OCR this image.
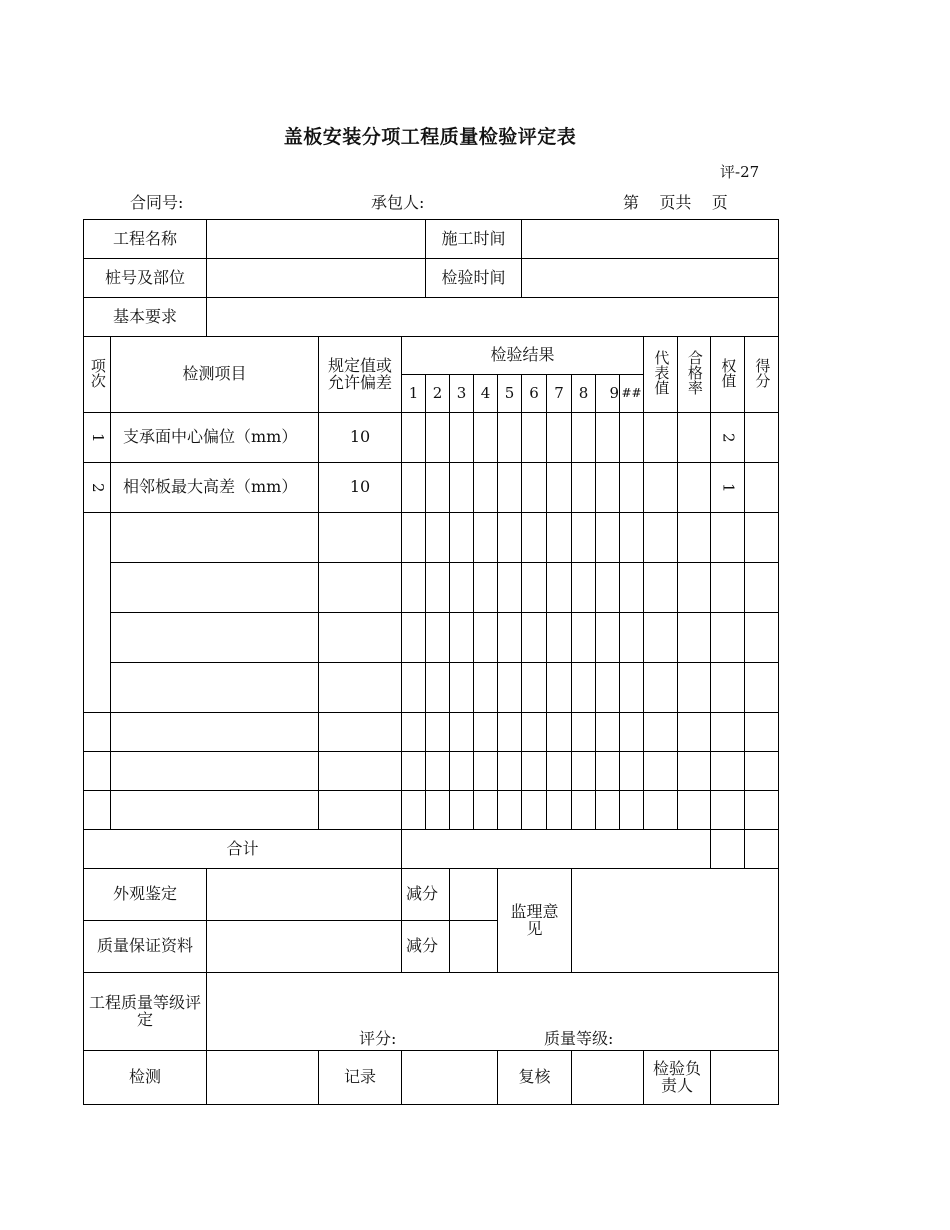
盖板安装分项工程质量检验评定表
评-27
合同号:	承包人:	第    页共    页
工程名称					施工时间												
桩号及部位					检验时间												
基本要求																	
项次	检测项目		规定值或允许偏差	检验结果										代表值	合格率	权值	得分
				1	2	3	4	5	6	7	8	9	##				
1	支承面中心偏位（mm）		10													2	
2	相邻板最大高差（mm）		10													1	

合计																	
外观鉴定				减分				监理意见									
质量保证资料				减分													
工程质量等级评定		评分: 质量等级:															

检测			记录					复核						检验负责人			
